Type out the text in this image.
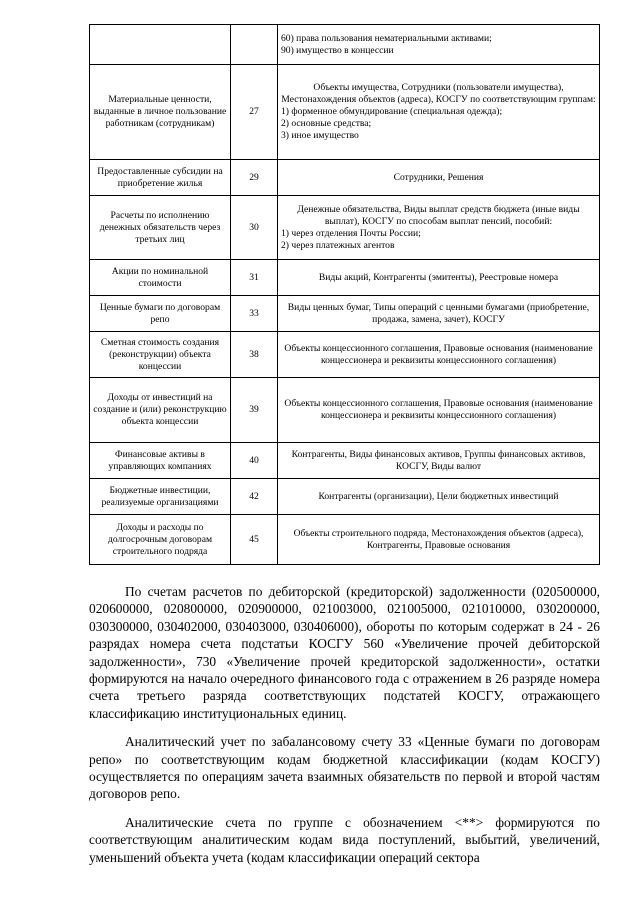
		60) права пользования нематериальными активами;
90) имущество в концессии

Материальные ценности, выданные в личное пользование работникам (сотрудникам)	27	Объекты имущества, Сотрудники (пользователи имущества), Местонахождения объектов (адреса), КОСГУ по соответствующим группам:
1) форменное обмундирование (специальная одежда);
2) основные средства;
3) иное имущество

Предоставленные субсидии на приобретение жилья	29	Сотрудники, Решения

Расчеты по исполнению денежных обязательств через третьих лиц	30	Денежные обязательства, Виды выплат средств бюджета (иные виды выплат), КОСГУ по способам выплат пенсий, пособий:
1) через отделения Почты России;
2) через платежных агентов

Акции по номинальной стоимости	31	Виды акций, Контрагенты (эмитенты), Реестровые номера

Ценные бумаги по договорам репо	33	Виды ценных бумаг, Типы операций с ценными бумагами (приобретение, продажа, замена, зачет), КОСГУ

Сметная стоимость создания (реконструкции) объекта концессии	38	Объекты концессионного соглашения, Правовые основания (наименование концессионера и реквизиты концессионного соглашения)

Доходы от инвестиций на создание и (или) реконструкцию объекта концессии	39	Объекты концессионного соглашения, Правовые основания (наименование концессионера и реквизиты концессионного соглашения)

Финансовые активы в управляющих компаниях	40	Контрагенты, Виды финансовых активов, Группы финансовых активов, КОСГУ, Виды валют

Бюджетные инвестиции, реализуемые организациями	42	Контрагенты (организации), Цели бюджетных инвестиций

Доходы и расходы по долгосрочным договорам строительного подряда	45	Объекты строительного подряда, Местонахождения объектов (адреса), Контрагенты, Правовые основания

По счетам расчетов по дебиторской (кредиторской) задолженности (020500000, 020600000, 020800000, 020900000, 021003000, 021005000, 021010000, 030200000, 030300000, 030402000, 030403000, 030406000), обороты по которым содержат в 24 - 26 разрядах номера счета подстатьи КОСГУ 560 «Увеличение прочей дебиторской задолженности», 730 «Увеличение прочей кредиторской задолженности», остатки формируются на начало очередного финансового года с отражением в 26 разряде номера счета третьего разряда соответствующих подстатей КОСГУ, отражающего классификацию институциональных единиц.

Аналитический учет по забалансовому счету 33 «Ценные бумаги по договорам репо» по соответствующим кодам бюджетной классификации (кодам КОСГУ) осуществляется по операциям зачета взаимных обязательств по первой и второй частям договоров репо.

Аналитические счета по группе с обозначением <**> формируются по соответствующим аналитическим кодам вида поступлений, выбытий, увеличений, уменьшений объекта учета (кодам классификации операций сектора
